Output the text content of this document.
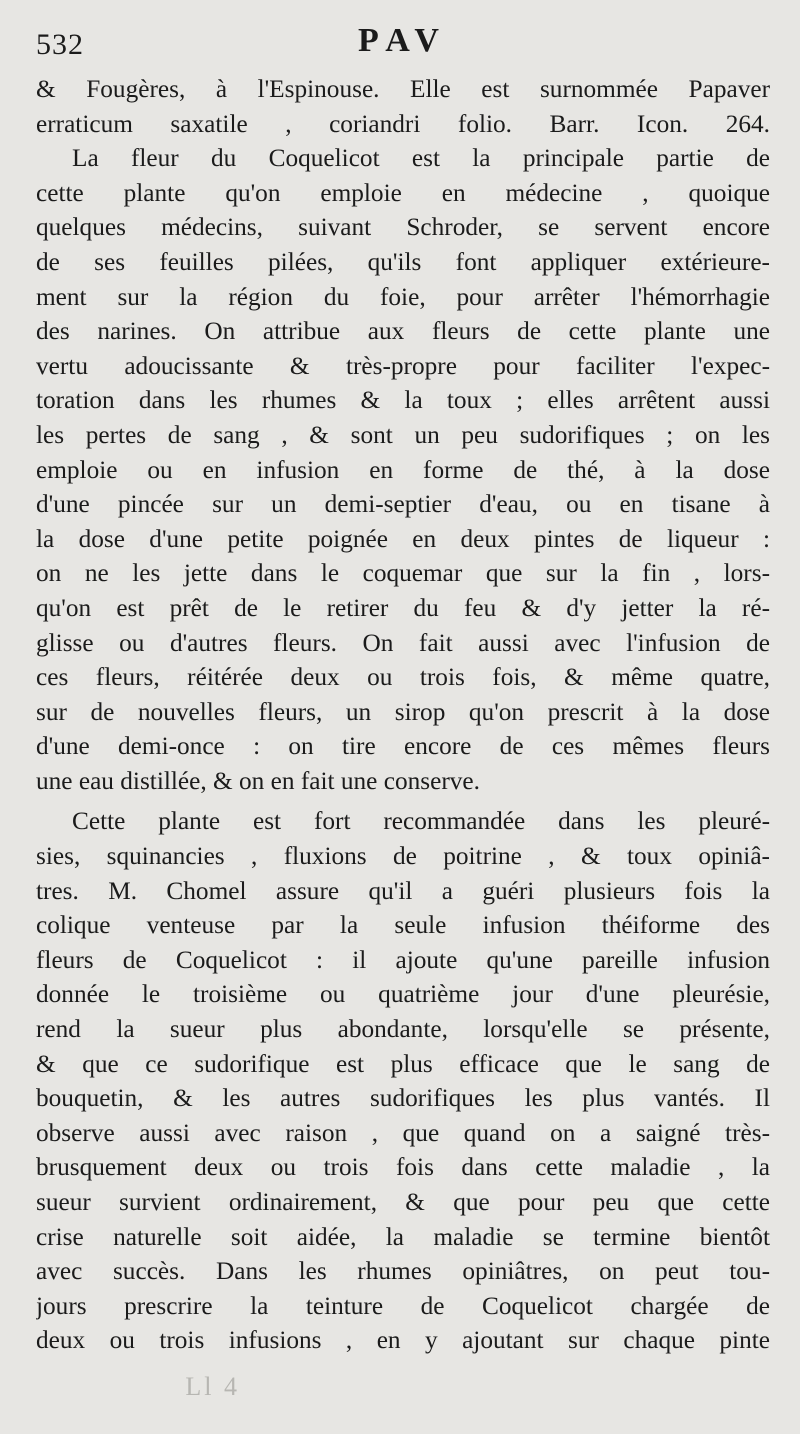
532	PAV
& Fougères, à l'Espinouse. Elle est surnommée Papaver
erraticum saxatile , coriandri folio. Barr. Icon. 264.
La fleur du Coquelicot est la principale partie de
cette plante qu'on emploie en médecine , quoique
quelques médecins, suivant Schroder, se servent encore
de ses feuilles pilées, qu'ils font appliquer extérieure-
ment sur la région du foie, pour arrêter l'hémorrhagie
des narines. On attribue aux fleurs de cette plante une
vertu adoucissante & très-propre pour faciliter l'expec-
toration dans les rhumes & la toux ; elles arrêtent aussi
les pertes de sang , & sont un peu sudorifiques ; on les
emploie ou en infusion en forme de thé, à la dose
d'une pincée sur un demi-septier d'eau, ou en tisane à
la dose d'une petite poignée en deux pintes de liqueur :
on ne les jette dans le coquemar que sur la fin , lors-
qu'on est prêt de le retirer du feu & d'y jetter la ré-
glisse ou d'autres fleurs. On fait aussi avec l'infusion de
ces fleurs, réitérée deux ou trois fois, & même quatre,
sur de nouvelles fleurs, un sirop qu'on prescrit à la dose
d'une demi-once : on tire encore de ces mêmes fleurs
une eau distillée, & on en fait une conserve.
Cette plante est fort recommandée dans les pleuré-
sies, squinancies , fluxions de poitrine , & toux opiniâ-
tres. M. Chomel assure qu'il a guéri plusieurs fois la
colique venteuse par la seule infusion théiforme des
fleurs de Coquelicot : il ajoute qu'une pareille infusion
donnée le troisième ou quatrième jour d'une pleurésie,
rend la sueur plus abondante, lorsqu'elle se présente,
& que ce sudorifique est plus efficace que le sang de
bouquetin, & les autres sudorifiques les plus vantés. Il
observe aussi avec raison , que quand on a saigné très-
brusquement deux ou trois fois dans cette maladie , la
sueur survient ordinairement, & que pour peu que cette
crise naturelle soit aidée, la maladie se termine bientôt
avec succès. Dans les rhumes opiniâtres, on peut tou-
jours prescrire la teinture de Coquelicot chargée de
deux ou trois infusions , en y ajoutant sur chaque pinte
Ll 4
